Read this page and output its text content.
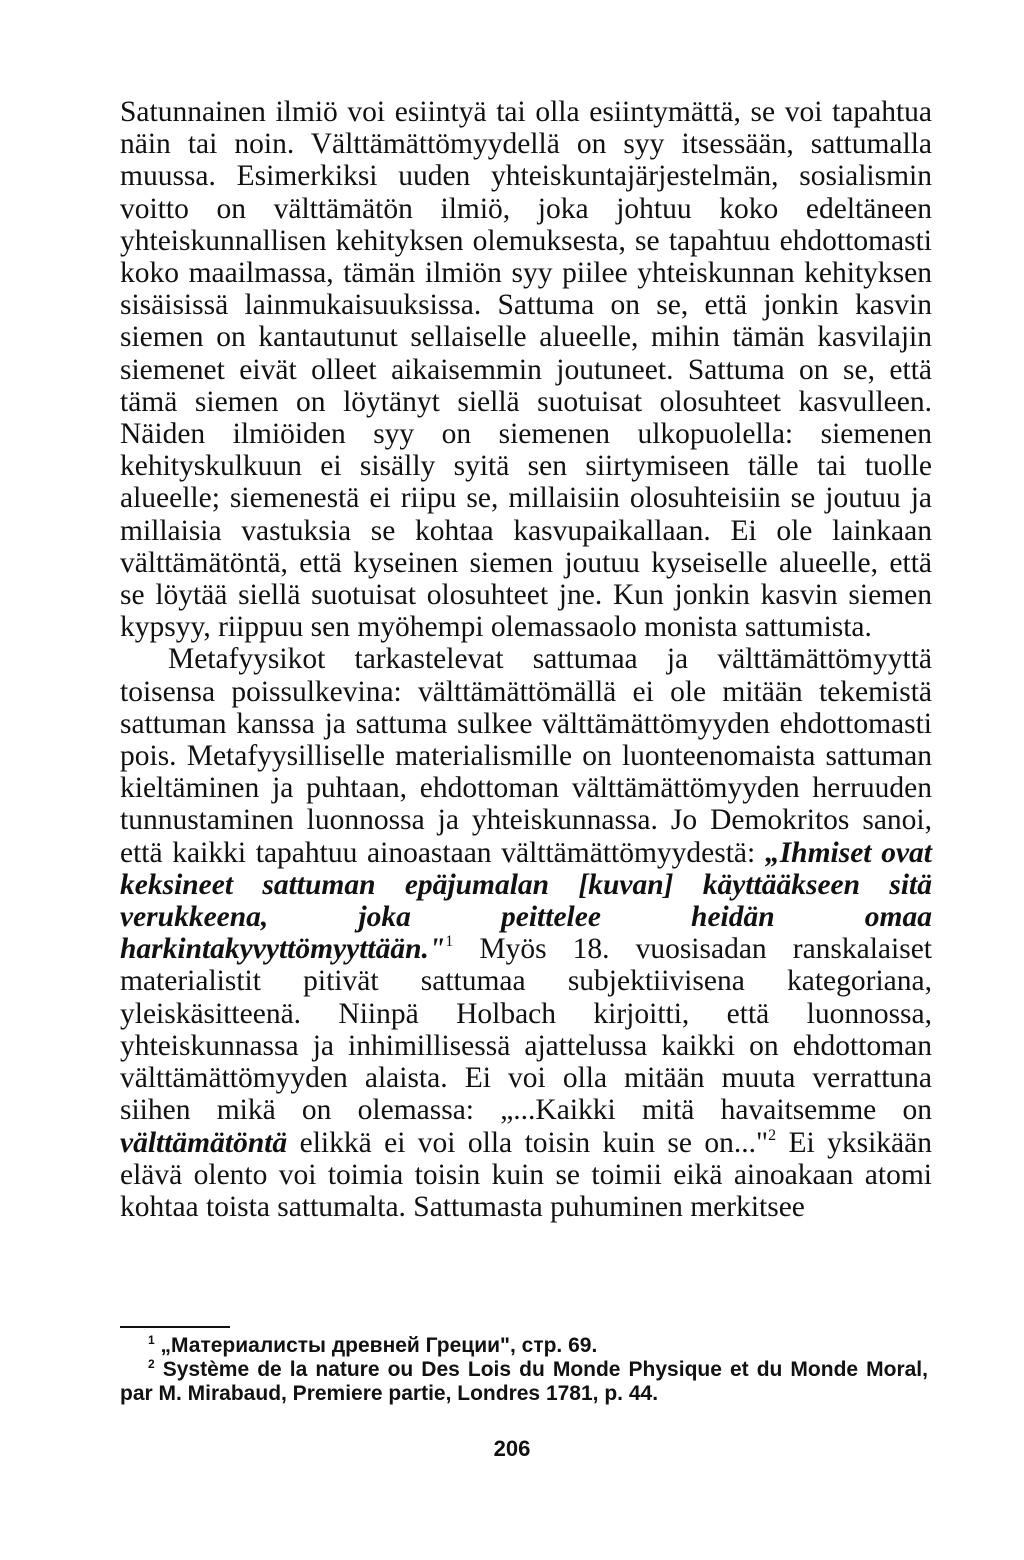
Satunnainen ilmiö voi esiintyä tai olla esiintymättä, se voi tapahtua näin tai noin. Välttämättömyydellä on syy itsessään, sattumalla muussa. Esimerkiksi uuden yhteiskuntajärjestelmän, sosialismin voitto on välttämätön ilmiö, joka johtuu koko edeltäneen yhteiskunnallisen kehityksen olemuksesta, se tapahtuu ehdottomasti koko maailmassa, tämän ilmiön syy piilee yhteiskunnan kehityksen sisäisissä lainmukaisuuksissa. Sattuma on se, että jonkin kasvin siemen on kantautunut sellaiselle alueelle, mihin tämän kasvilajin siemenet eivät olleet aikaisemmin joutuneet. Sattuma on se, että tämä siemen on löytänyt siellä suotuisat olosuhteet kasvulleen. Näiden ilmiöiden syy on siemenen ulkopuolella: siemenen kehityskulkuun ei sisälly syitä sen siirtymiseen tälle tai tuolle alueelle; siemenestä ei riipu se, millaisiin olosuhteisiin se joutuu ja millaisia vastuksia se kohtaa kasvupaikallaan. Ei ole lainkaan välttämätöntä, että kyseinen siemen joutuu kyseiselle alueelle, että se löytää siellä suotuisat olosuhteet jne. Kun jonkin kasvin siemen kypsyy, riippuu sen myöhempi olemassaolo monista sattumista.

Metafyysikot tarkastelevat sattumaa ja välttämättömyyttä toisensa poissulkevina: välttämättömällä ei ole mitään tekemistä sattuman kanssa ja sattuma sulkee välttämättömyyden ehdottomasti pois. Metafyysilliselle materialismille on luonteenomaista sattuman kieltäminen ja puhtaan, ehdottoman välttämättömyyden herruuden tunnustaminen luonnossa ja yhteiskunnassa. Jo Demokritos sanoi, että kaikki tapahtuu ainoastaan välttämättömyydestä: „Ihmiset ovat keksineet sattuman epäjumalan [kuvan] käyttääkseen sitä verukkeena, joka peittelee heidän omaa harkintakyvyttömyyttään."$^1$ Myös 18. vuosisadan ranskalaiset materialistit pitivät sattumaa subjektiivisena kategoriana, yleiskäsitteenä. Niinpä Holbach kirjoitti, että luonnossa, yhteiskunnassa ja inhimillisessä ajattelussa kaikki on ehdottoman välttämättömyyden alaista. Ei voi olla mitään muuta verrattuna siihen mikä on olemassa: „...Kaikki mitä havaitsemme on välttämätöntä elikkä ei voi olla toisin kuin se on..."$^2$ Ei yksikään elävä olento voi toimia toisin kuin se toimii eikä ainoakaan atomi kohtaa toista sattumalta. Sattumasta puhuminen merkitsee

$^1$ „Материалисты древней Греции", стр. 69.

$^2$ Système de la nature ou Des Lois du Monde Physique et du Monde Moral, par M. Mirabaud, Premiere partie, Londres 1781, p. 44.

206
